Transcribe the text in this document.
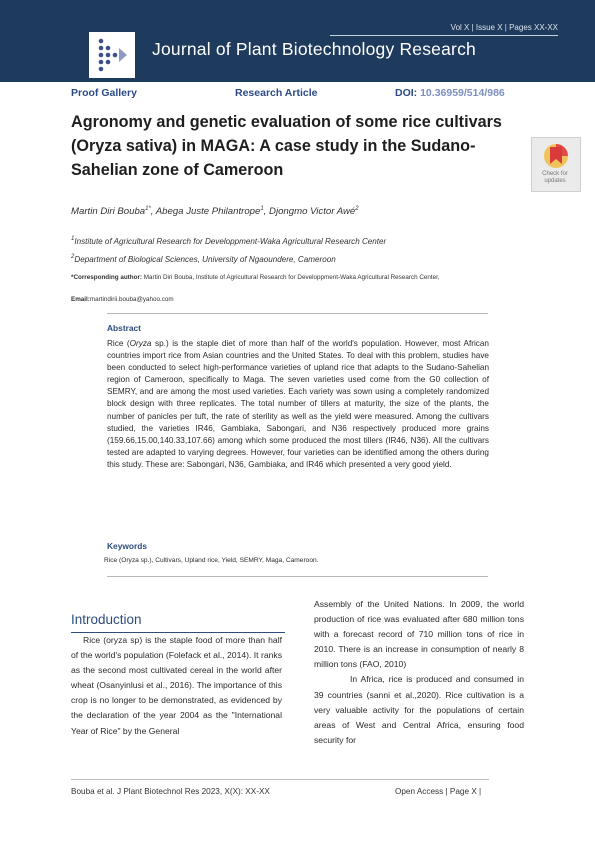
Vol X | Issue X | Pages XX-XX
Journal of Plant Biotechnology Research
Proof Gallery	Research Article	DOI: 10.36959/514/986
Agronomy and genetic evaluation of some rice cultivars (Oryza sativa) in MAGA: A case study in the Sudano-Sahelian zone of Cameroon	Check for
updates
Martin Diri Bouba$^{1*}$, Abega Juste Philantrope$^1$, Djongmo Victor Awé$^2$
$^1$Institute of Agricultural Research for Developpment-Waka Agricultural Research Center
$^2$Department of Biological Sciences, University of Ngaoundere, Cameroon
*Corresponding author: Martin Diri Bouba, Institute of Agricultural Research for Developpment-Waka Agricultural Research Center,
Email:martindirii.bouba@yahoo.com
Abstract
Rice (Oryza sp.) is the staple diet of more than half of the world's population. However, most African countries import rice from Asian countries and the United States. To deal with this problem, studies have been conducted to select high-performance varieties of upland rice that adapts to the Sudano-Sahelian region of Cameroon, specifically to Maga. The seven varieties used come from the G0 collection of SEMRY, and are among the most used varieties. Each variety was sown using a completely randomized block design with three replicates. The total number of tillers at maturity, the size of the plants, the number of panicles per tuft, the rate of sterility as well as the yield were measured. Among the cultivars studied, the varieties IR46, Gambiaka, Sabongari, and N36 respectively produced more grains (159.66,15.00,140.33,107.66) among which some produced the most tillers (IR46, N36). All the cultivars tested are adapted to varying degrees. However, four varieties can be identified among the others during this study. These are: Sabongari, N36, Gambiaka, and IR46 which presented a very good yield.
Keywords
Rice (Oryza sp.), Cultivars, Upland rice, Yield, SEMRY, Maga, Cameroon.
Introduction
Rice (oryza sp) is the staple food of more than half of the world's population (Folefack et al., 2014). It ranks as the second most cultivated cereal in the world after wheat (Osanyinlusi et al., 2016). The importance of this crop is no longer to be demonstrated, as evidenced by the declaration of the year 2004 as the "International Year of Rice" by the General
Assembly of the United Nations. In 2009, the world production of rice was evaluated after 680 million tons with a forecast record of 710 million tons of rice in 2010. There is an increase in consumption of nearly 8 million tons (FAO, 2010)
In Africa, rice is produced and consumed in 39 countries (sanni et al.,2020). Rice cultivation is a very valuable activity for the populations of certain areas of West and Central Africa, ensuring food security for
Bouba et al. J Plant Biotechnol Res 2023, X(X): XX-XX	Open Access | Page X |
